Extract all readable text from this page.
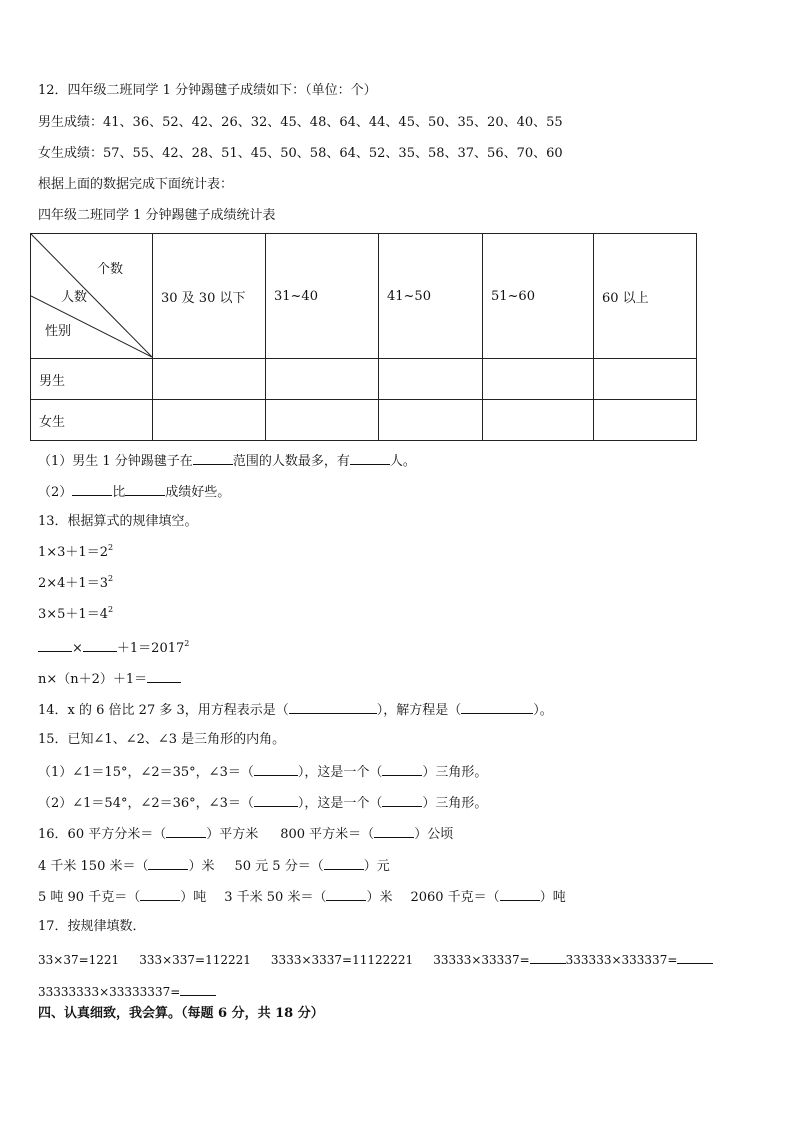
12．四年级二班同学 1 分钟踢毽子成绩如下：（单位：个）
男生成绩：41、36、52、42、26、32、45、48、64、44、45、50、35、20、40、55
女生成绩：57、55、42、28、51、45、50、58、64、52、35、58、37、56、70、60
根据上面的数据完成下面统计表：
四年级二班同学 1 分钟踢毽子成绩统计表
个数
人数
性别	30 及 30 以下	31~40	41~50	51~60	60 以上
男生					
女生					
（1）男生 1 分钟踢毽子在	范围的人数最多，有	人。
（2）	比	成绩好些。
13．根据算式的规律填空。
$1\times 3+1=2^2$
$2\times 4+1=3^2$
$3\times 5+1=4^2$
×	$+1=2017^2$
n×（n＋2）＋1＝
14．x 的 6 倍比 27 多 3，用方程表示是（	），解方程是（	）。
15．已知∠1、∠2、∠3 是三角形的内角。
（1）∠1＝15°，∠2＝35°，∠3＝（	），这是一个（	）三角形。
（2）∠1＝54°，∠2＝36°，∠3＝（	），这是一个（	）三角形。
16．60 平方分米＝（	）平方米 800 平方米＝（	）公顷
4 千米 150 米＝（	）米 50 元 5 分＝（	）元
5 吨 90 千克＝（	）吨 3 千米 50 米＝（	）米 2060 千克＝（	）吨
17．按规律填数．
33×37=1221 333×337=112221 3333×3337=11122221 33333×33337=	333333×333337=
33333333×33333337=
四、认真细致，我会算。（每题 6 分，共 18 分）
